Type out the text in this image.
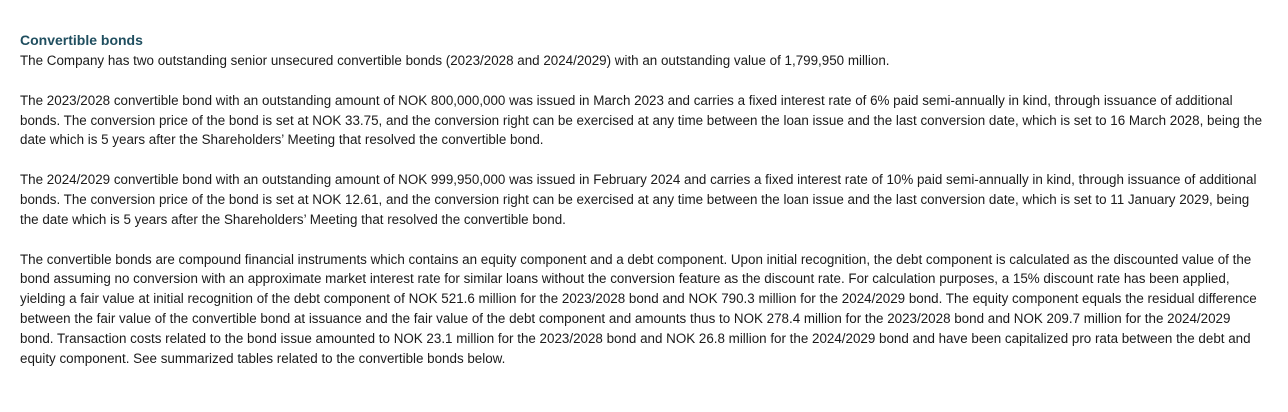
Convertible bonds

The Company has two outstanding senior unsecured convertible bonds (2023/2028 and 2024/2029) with an outstanding value of 1,799,950 million.

The 2023/2028 convertible bond with an outstanding amount of NOK 800,000,000 was issued in March 2023 and carries a fixed interest rate of 6% paid semi-annually in kind, through issuance of additional bonds. The conversion price of the bond is set at NOK 33.75, and the conversion right can be exercised at any time between the loan issue and the last conversion date, which is set to 16 March 2028, being the date which is 5 years after the Shareholders’ Meeting that resolved the convertible bond.

The 2024/2029 convertible bond with an outstanding amount of NOK 999,950,000 was issued in February 2024 and carries a fixed interest rate of 10% paid semi-annually in kind, through issuance of additional bonds. The conversion price of the bond is set at NOK 12.61, and the conversion right can be exercised at any time between the loan issue and the last conversion date, which is set to 11 January 2029, being the date which is 5 years after the Shareholders’ Meeting that resolved the convertible bond.

The convertible bonds are compound financial instruments which contains an equity component and a debt component. Upon initial recognition, the debt component is calculated as the discounted value of the bond assuming no conversion with an approximate market interest rate for similar loans without the conversion feature as the discount rate. For calculation purposes, a 15% discount rate has been applied, yielding a fair value at initial recognition of the debt component of NOK 521.6 million for the 2023/2028 bond and NOK 790.3 million for the 2024/2029 bond. The equity component equals the residual difference between the fair value of the convertible bond at issuance and the fair value of the debt component and amounts thus to NOK 278.4 million for the 2023/2028 bond and NOK 209.7 million for the 2024/2029 bond. Transaction costs related to the bond issue amounted to NOK 23.1 million for the 2023/2028 bond and NOK 26.8 million for the 2024/2029 bond and have been capitalized pro rata between the debt and equity component. See summarized tables related to the convertible bonds below.
